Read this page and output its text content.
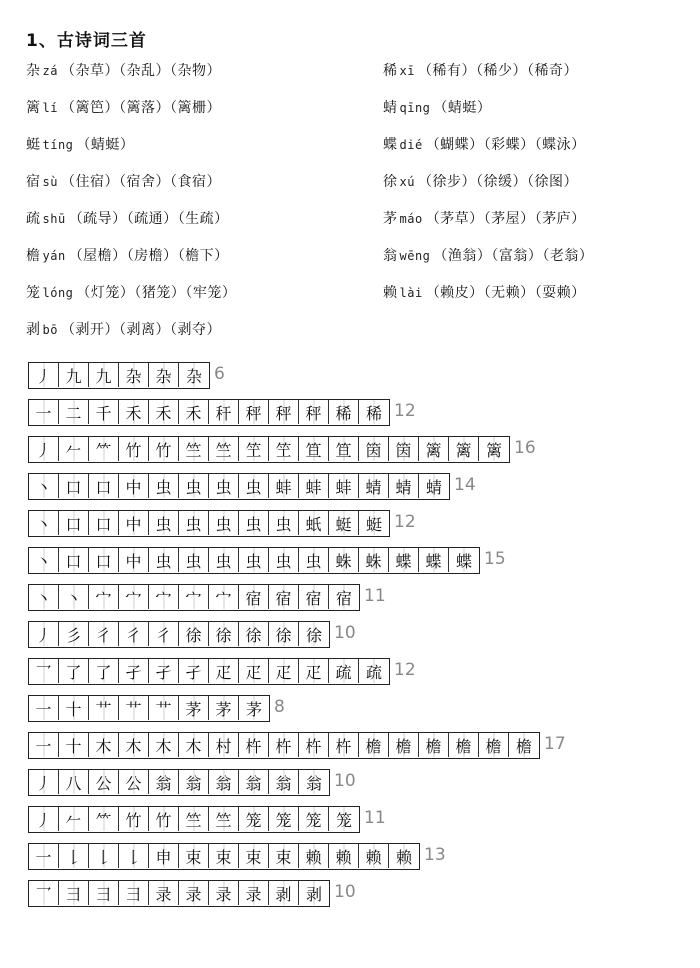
1、古诗词三首
杂 zá （杂草）（杂乱）（杂物）	稀 xī （稀有）（稀少）（稀奇）
篱 lí （篱笆）（篱落）（篱栅）	蜻 qīng （蜻蜓）
蜓 tíng （蜻蜓）	蝶 dié （蝴蝶）（彩蝶）（蝶泳）
宿 sù （住宿）（宿舍）（食宿）	徐 xú （徐步）（徐缓）（徐图）
疏 shū （疏导）（疏通）（生疏）	茅 máo （茅草）（茅屋）（茅庐）
檐 yán （屋檐）（房檐）（檐下）	翁 wēng （渔翁）（富翁）（老翁）
笼 lóng （灯笼）（猪笼）（牢笼）	赖 lài （赖皮）（无赖）（耍赖）
剥 bō （剥开）（剥离）（剥夺）
丿 九 九 杂 杂 杂 6
一 二 千 禾 禾 禾 秆 秤 秤 秤 稀 稀 12
丿 𠂉 ⺮ 竹 竹 竺 竺 笁 笁 笪 笪 筃 筃 篱 篱 篱 16
丶 口 口 中 虫 虫 虫 虫 蚌 蚌 蚌 蜻 蜻 蜻 14
丶 口 口 中 虫 虫 虫 虫 虫 蚔 蜓 蜓 12
丶 口 口 中 虫 虫 虫 虫 虫 虫 蛛 蛛 蝶 蝶 蝶 15
丶 丶 宀 宀 宀 宀 宀 宿 宿 宿 宿 11
丿 彡 彳 彳 彳 徐 徐 徐 徐 徐 10
乛 了 了 孑 孑 孑 疋 疋 疋 疋 疏 疏 12
一 十 艹 艹 艹 茅 茅 茅 8
一 十 木 木 木 木 村 杵 杵 杵 杵 檐 檐 檐 檐 檐 檐 17
丿 八 公 公 翁 翁 翁 翁 翁 翁 10
丿 𠂉 ⺮ 竹 竹 竺 竺 笼 笼 笼 笼 11
一 𠄌 𠄌 𠄌 申 束 束 束 束 赖 赖 赖 赖 13
乛 彐 彐 彐 录 录 录 录 剥 剥 10
